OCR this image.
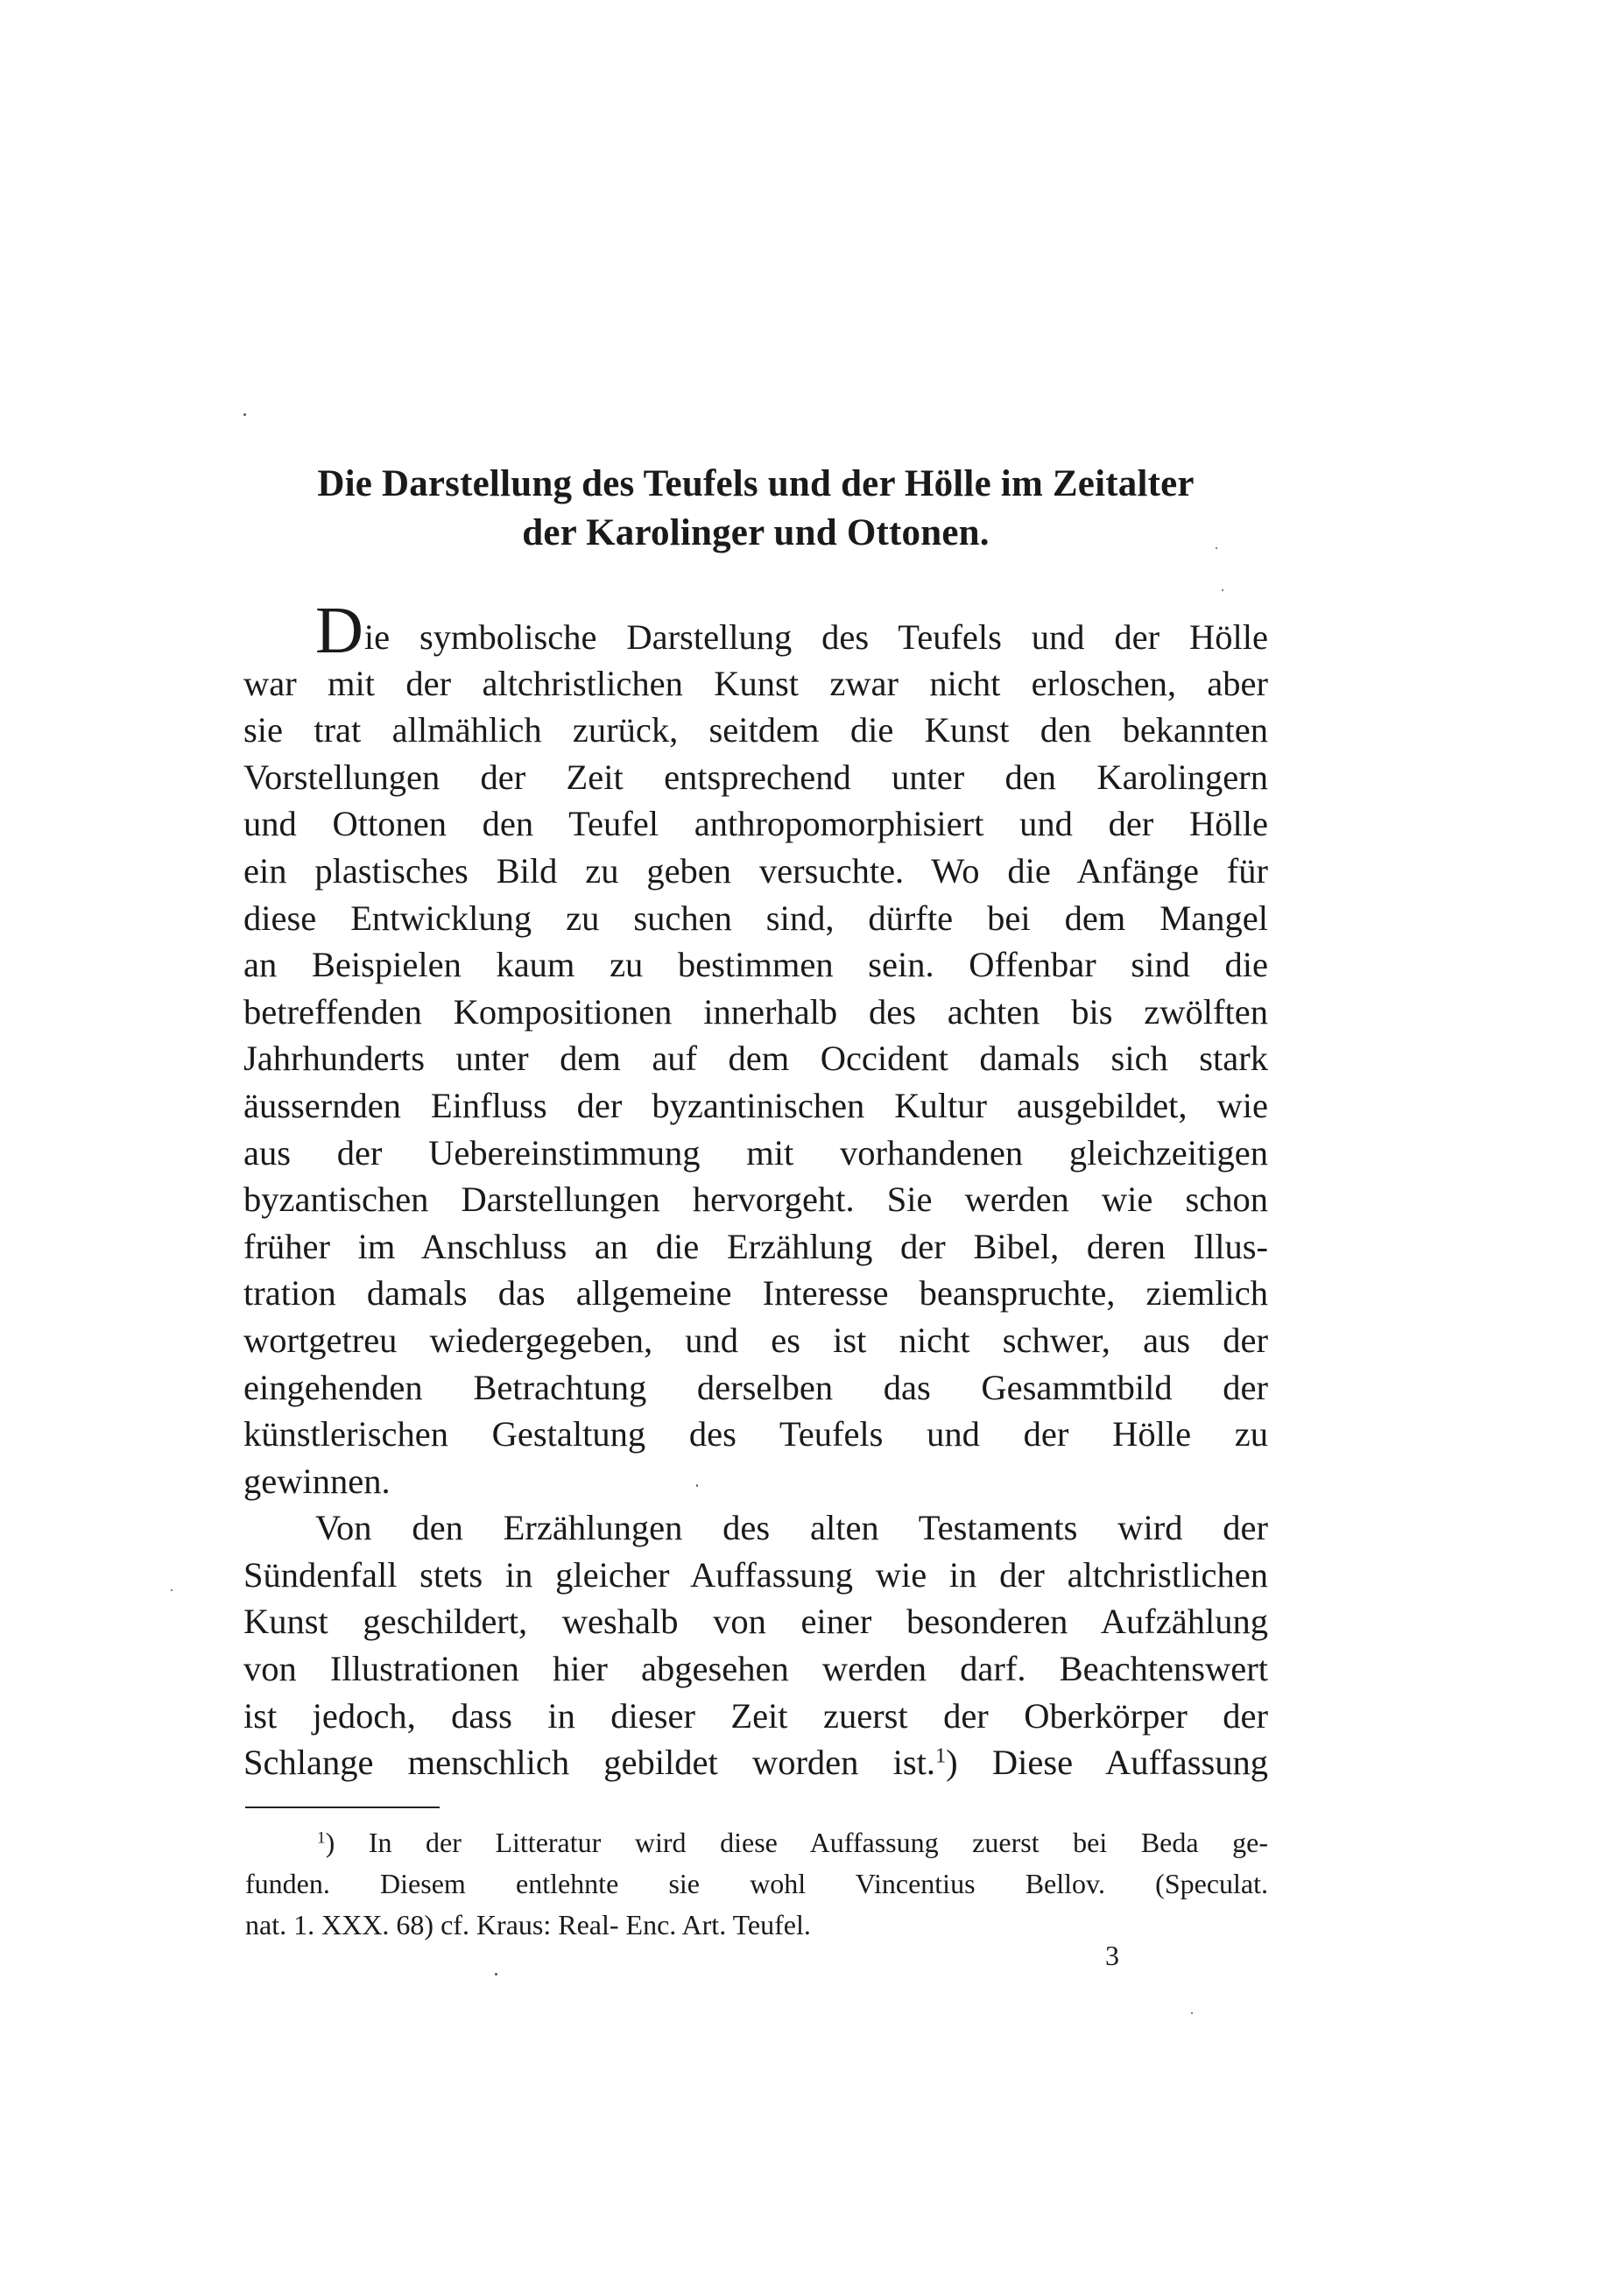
Die Darstellung des Teufels und der Hölle im Zeitalter
der Karolinger und Ottonen.
Die symbolische Darstellung des Teufels und der Hölle
war mit der altchristlichen Kunst zwar nicht erloschen, aber
sie trat allmählich zurück, seitdem die Kunst den bekannten
Vorstellungen der Zeit entsprechend unter den Karolingern
und Ottonen den Teufel anthropomorphisiert und der Hölle
ein plastisches Bild zu geben versuchte. Wo die Anfänge für
diese Entwicklung zu suchen sind, dürfte bei dem Mangel
an Beispielen kaum zu bestimmen sein. Offenbar sind die
betreffenden Kompositionen innerhalb des achten bis zwölften
Jahrhunderts unter dem auf dem Occident damals sich stark
äussernden Einfluss der byzantinischen Kultur ausgebildet, wie
aus der Uebereinstimmung mit vorhandenen gleichzeitigen
byzantischen Darstellungen hervorgeht. Sie werden wie schon
früher im Anschluss an die Erzählung der Bibel, deren Illus-
tration damals das allgemeine Interesse beanspruchte, ziemlich
wortgetreu wiedergegeben, und es ist nicht schwer, aus der
eingehenden Betrachtung derselben das Gesammtbild der
künstlerischen Gestaltung des Teufels und der Hölle zu
gewinnen.
Von den Erzählungen des alten Testaments wird der
Sündenfall stets in gleicher Auffassung wie in der altchristlichen
Kunst geschildert, weshalb von einer besonderen Aufzählung
von Illustrationen hier abgesehen werden darf. Beachtenswert
ist jedoch, dass in dieser Zeit zuerst der Oberkörper der
Schlange menschlich gebildet worden ist.$^1$) Diese Auffassung
$^1$) In der Litteratur wird diese Auffassung zuerst bei Beda ge-
funden. Diesem entlehnte sie wohl Vincentius Bellov. (Speculat.
nat. 1. XXX. 68) cf. Kraus: Real- Enc. Art. Teufel.
3
